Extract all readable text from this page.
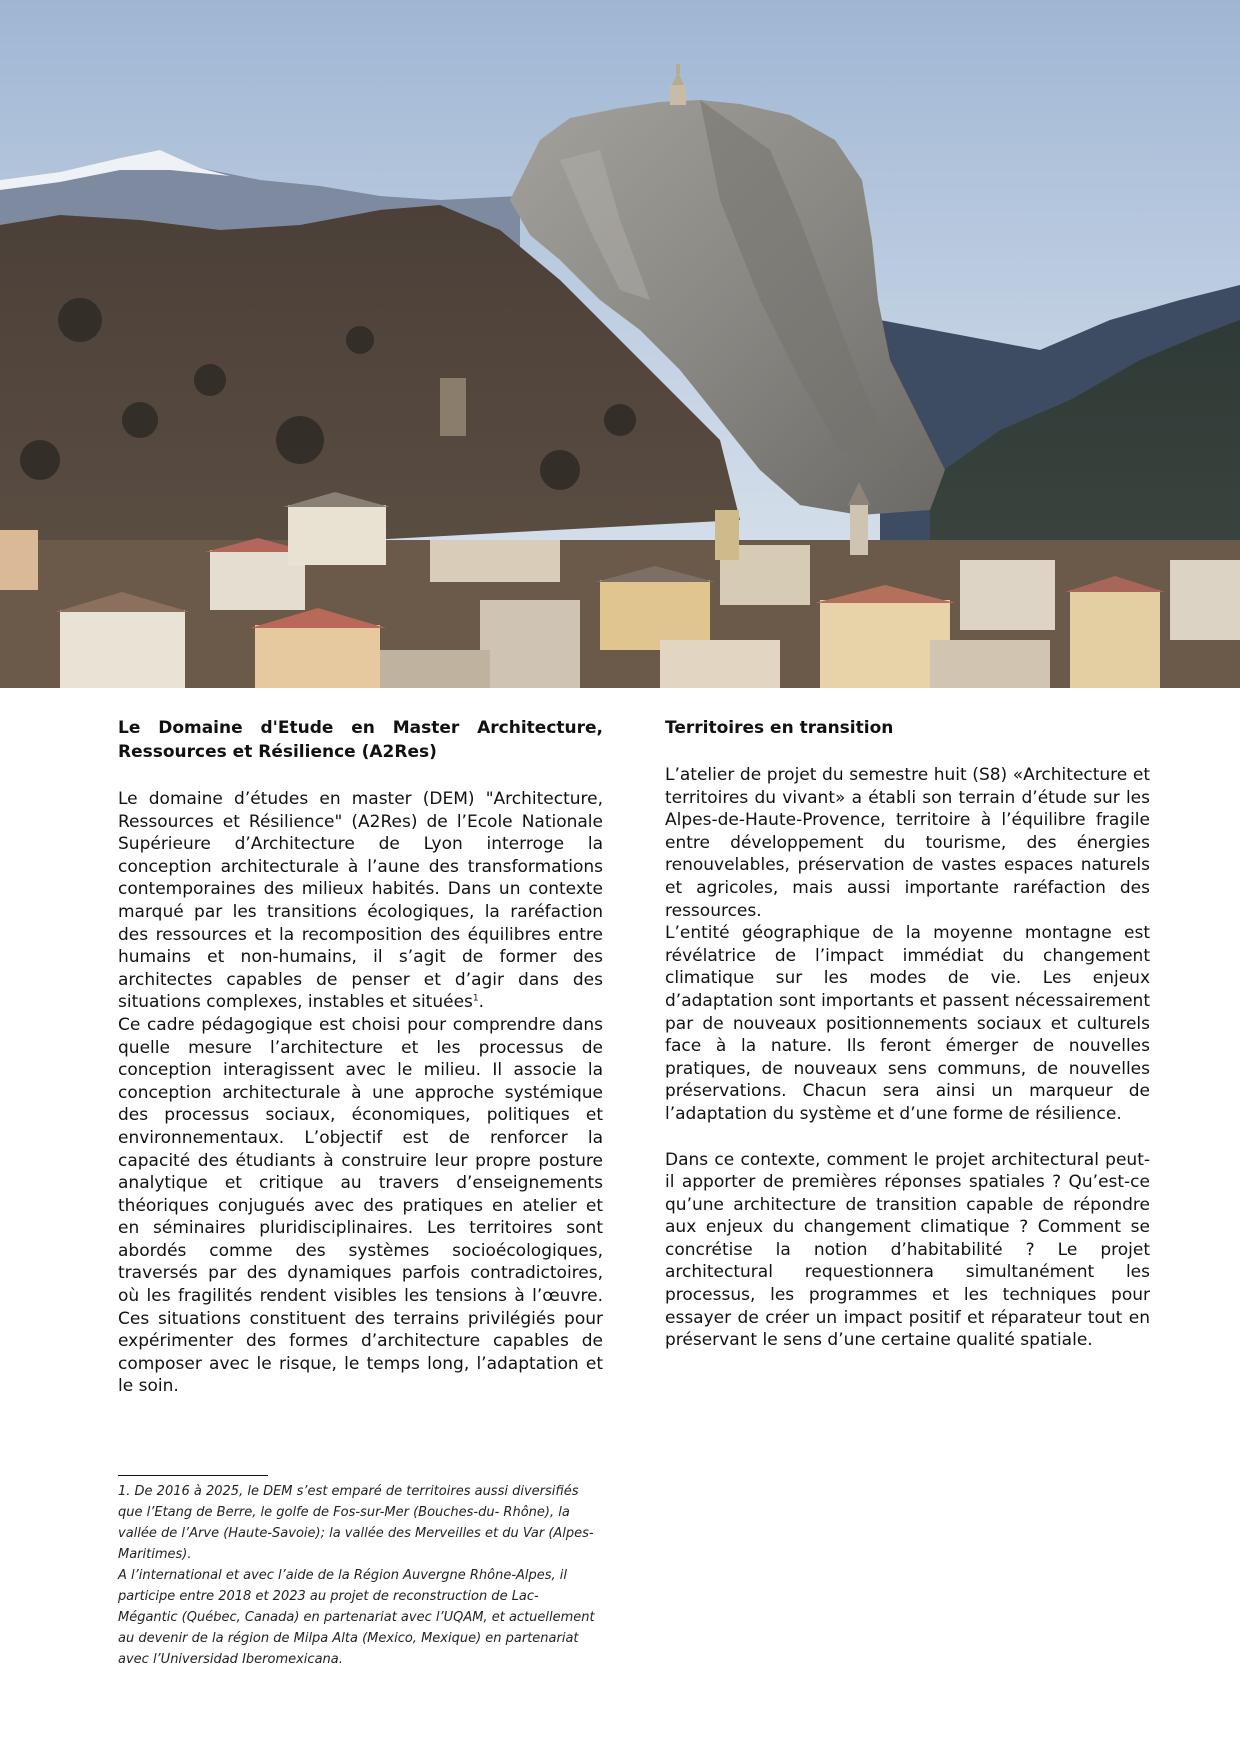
Le Domaine d'Etude en Master Architecture, Ressources et Résilience (A2Res)

Le domaine d’études en master (DEM) "Architecture, Ressources et Résilience" (A2Res) de l’Ecole Nationale Supérieure d’Architecture de Lyon interroge la conception architecturale à l’aune des transformations contemporaines des milieux habités. Dans un contexte marqué par les transitions écologiques, la raréfaction des ressources et la recomposition des équilibres entre humains et non-humains, il s’agit de former des architectes capables de penser et d’agir dans des situations complexes, instables et situées$^1$.

Ce cadre pédagogique est choisi pour comprendre dans quelle mesure l’architecture et les processus de conception interagissent avec le milieu. Il associe la conception architecturale à une approche systémique des processus sociaux, économiques, politiques et environnementaux. L’objectif est de renforcer la capacité des étudiants à construire leur propre posture analytique et critique au travers d’enseignements théoriques conjugués avec des pratiques en atelier et en séminaires pluridisciplinaires. Les territoires sont abordés comme des systèmes socioécologiques, traversés par des dynamiques parfois contradictoires, où les fragilités rendent visibles les tensions à l’œuvre. Ces situations constituent des terrains privilégiés pour expérimenter des formes d’architecture capables de composer avec le risque, le temps long, l’adaptation et le soin.

Territoires en transition

L’atelier de projet du semestre huit (S8) «Architecture et territoires du vivant» a établi son terrain d’étude sur les Alpes-de-Haute-Provence, territoire à l’équilibre fragile entre développement du tourisme, des énergies renouvelables, préservation de vastes espaces naturels et agricoles, mais aussi importante raréfaction des ressources.

L’entité géographique de la moyenne montagne est révélatrice de l’impact immédiat du changement climatique sur les modes de vie. Les enjeux d’adaptation sont importants et passent nécessairement par de nouveaux positionnements sociaux et culturels face à la nature. Ils feront émerger de nouvelles pratiques, de nouveaux sens communs, de nouvelles préservations. Chacun sera ainsi un marqueur de l’adaptation du système et d’une forme de résilience.

Dans ce contexte, comment le projet architectural peut-il apporter de premières réponses spatiales ? Qu’est-ce qu’une architecture de transition capable de répondre aux enjeux du changement climatique ? Comment se concrétise la notion d’habitabilité ? Le projet architectural requestionnera simultanément les processus, les programmes et les techniques pour essayer de créer un impact positif et réparateur tout en préservant le sens d’une certaine qualité spatiale.

1. De 2016 à 2025, le DEM s’est emparé de territoires aussi diversifiés que l’Etang de Berre, le golfe de Fos-sur-Mer (Bouches-du- Rhône), la vallée de l’Arve (Haute-Savoie); la vallée des Merveilles et du Var (Alpes-Maritimes).

A l’international et avec l’aide de la Région Auvergne Rhône-Alpes, il participe entre 2018 et 2023 au projet de reconstruction de Lac-Mégantic (Québec, Canada) en partenariat avec l’UQAM, et actuellement au devenir de la région de Milpa Alta (Mexico, Mexique) en partenariat avec l’Universidad Iberomexicana.
